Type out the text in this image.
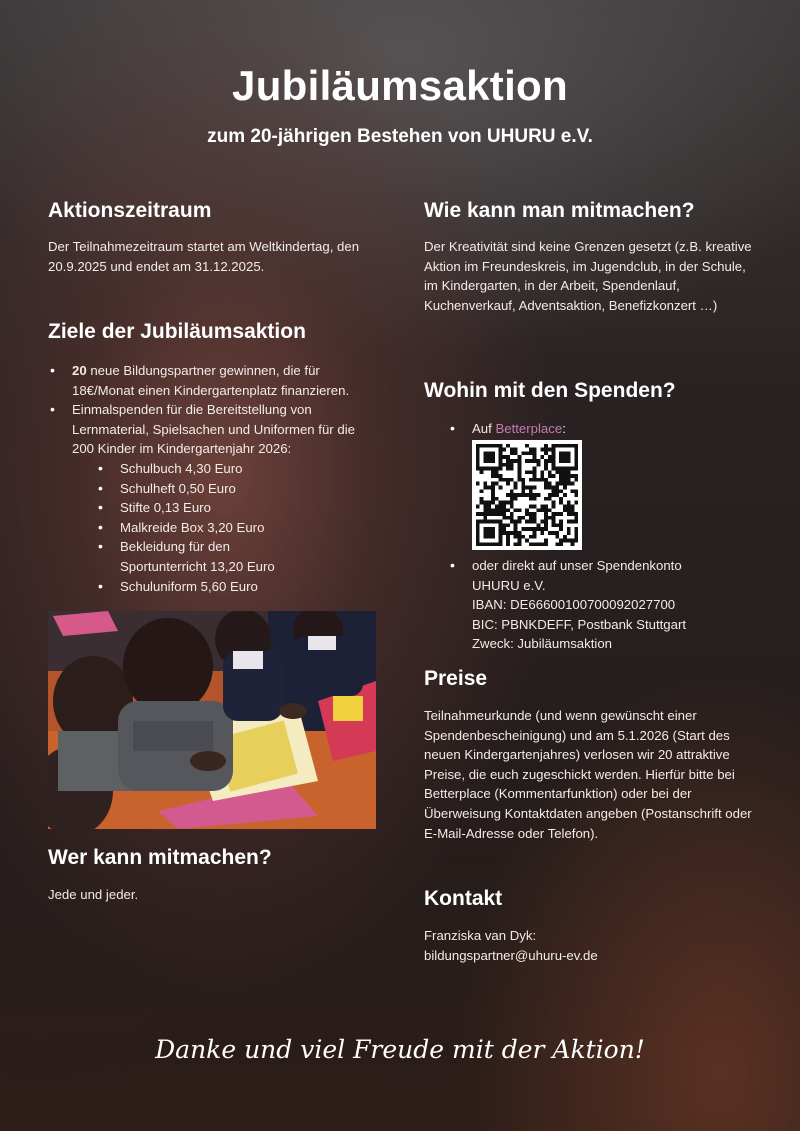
Jubiläumsaktion
zum 20-jährigen Bestehen von UHURU e.V.
Aktionszeitraum

Der Teilnahmezeitraum startet am Weltkindertag, den 20.9.2025 und endet am 31.12.2025.

Ziele der Jubiläumsaktion
• 20 neue Bildungspartner gewinnen, die für 18€/Monat einen Kindergartenplatz finanzieren.
• Einmalspenden für die Bereitstellung von Lernmaterial, Spielsachen und Uniformen für die 200 Kinder im Kindergartenjahr 2026:
• Schulbuch 4,30 Euro
• Schulheft 0,50 Euro
• Stifte 0,13 Euro
• Malkreide Box 3,20 Euro
• Bekleidung für den Sportunterricht 13,20 Euro
• Schuluniform 5,60 Euro
Wer kann mitmachen?

Jede und jeder.

Wie kann man mitmachen?

Der Kreativität sind keine Grenzen gesetzt (z.B. kreative Aktion im Freundeskreis, im Jugendclub, in der Schule, im Kindergarten, in der Arbeit, Spendenlauf, Kuchenverkauf, Adventsaktion, Benefizkonzert …)

Wohin mit den Spenden?
• Auf Betterplace:
• oder direkt auf unser Spendenkonto
UHURU e.V.
IBAN: DE66600100700092027700
BIC: PBNKDEFF, Postbank Stuttgart
Zweck: Jubiläumsaktion
Preise

Teilnahmeurkunde (und wenn gewünscht einer Spendenbescheinigung) und am 5.1.2026 (Start des neuen Kindergartenjahres) verlosen wir 20 attraktive Preise, die euch zugeschickt werden. Hierfür bitte bei Betterplace (Kommentarfunktion) oder bei der Überweisung Kontaktdaten angeben (Postanschrift oder E-Mail-Adresse oder Telefon).

Kontakt

Franziska van Dyk:

bildungspartner@uhuru-ev.de

Danke und viel Freude mit der Aktion!
